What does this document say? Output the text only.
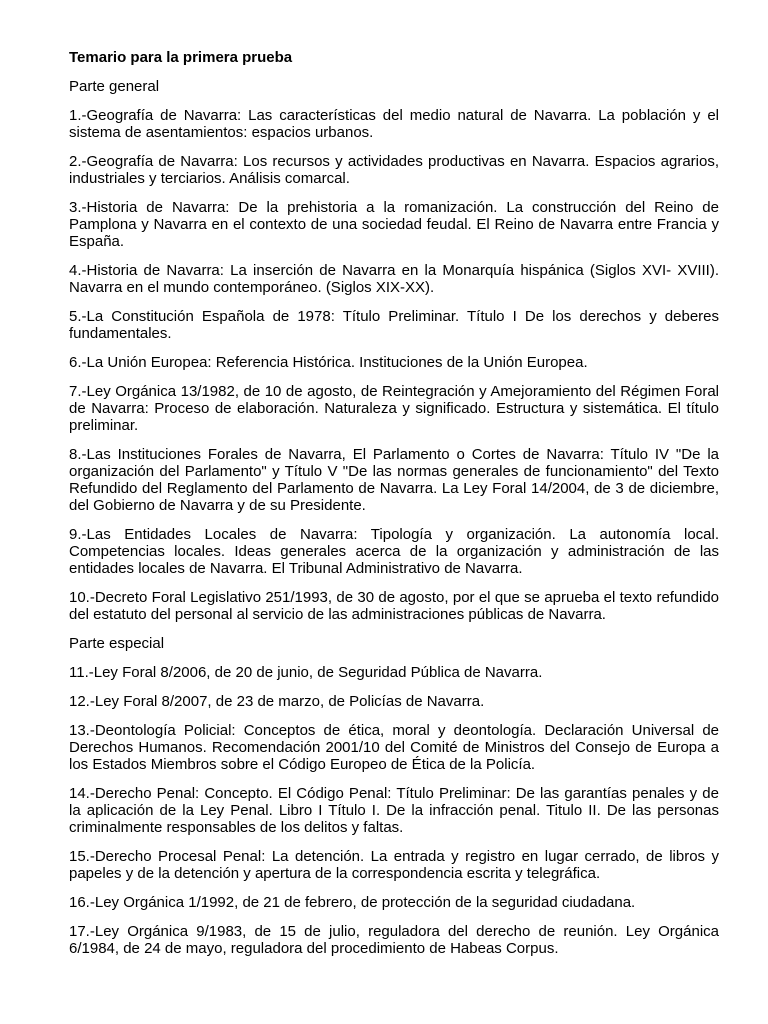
Temario para la primera prueba

Parte general

1.-Geografía de Navarra: Las características del medio natural de Navarra. La población y el sistema de asentamientos: espacios urbanos.

2.-Geografía de Navarra: Los recursos y actividades productivas en Navarra. Espacios agrarios, industriales y terciarios. Análisis comarcal.

3.-Historia de Navarra: De la prehistoria a la romanización. La construcción del Reino de Pamplona y Navarra en el contexto de una sociedad feudal. El Reino de Navarra entre Francia y España.

4.-Historia de Navarra: La inserción de Navarra en la Monarquía hispánica (Siglos XVI- XVIII). Navarra en el mundo contemporáneo. (Siglos XIX-XX).

5.-La Constitución Española de 1978: Título Preliminar. Título I De los derechos y deberes fundamentales.

6.-La Unión Europea: Referencia Histórica. Instituciones de la Unión Europea.

7.-Ley Orgánica 13/1982, de 10 de agosto, de Reintegración y Amejoramiento del Régimen Foral de Navarra: Proceso de elaboración. Naturaleza y significado. Estructura y sistemática. El título preliminar.

8.-Las Instituciones Forales de Navarra, El Parlamento o Cortes de Navarra: Título IV "De la organización del Parlamento" y Título V "De las normas generales de funcionamiento" del Texto Refundido del Reglamento del Parlamento de Navarra. La Ley Foral 14/2004, de 3 de diciembre, del Gobierno de Navarra y de su Presidente.

9.-Las Entidades Locales de Navarra: Tipología y organización. La autonomía local. Competencias locales. Ideas generales acerca de la organización y administración de las entidades locales de Navarra. El Tribunal Administrativo de Navarra.

10.-Decreto Foral Legislativo 251/1993, de 30 de agosto, por el que se aprueba el texto refundido del estatuto del personal al servicio de las administraciones públicas de Navarra.

Parte especial

11.-Ley Foral 8/2006, de 20 de junio, de Seguridad Pública de Navarra.

12.-Ley Foral 8/2007, de 23 de marzo, de Policías de Navarra.

13.-Deontología Policial: Conceptos de ética, moral y deontología. Declaración Universal de Derechos Humanos. Recomendación 2001/10 del Comité de Ministros del Consejo de Europa a los Estados Miembros sobre el Código Europeo de Ética de la Policía.

14.-Derecho Penal: Concepto. El Código Penal: Título Preliminar: De las garantías penales y de la aplicación de la Ley Penal. Libro I Título I. De la infracción penal. Titulo II. De las personas criminalmente responsables de los delitos y faltas.

15.-Derecho Procesal Penal: La detención. La entrada y registro en lugar cerrado, de libros y papeles y de la detención y apertura de la correspondencia escrita y telegráfica.

16.-Ley Orgánica 1/1992, de 21 de febrero, de protección de la seguridad ciudadana.

17.-Ley Orgánica 9/1983, de 15 de julio, reguladora del derecho de reunión. Ley Orgánica 6/1984, de 24 de mayo, reguladora del procedimiento de Habeas Corpus.
